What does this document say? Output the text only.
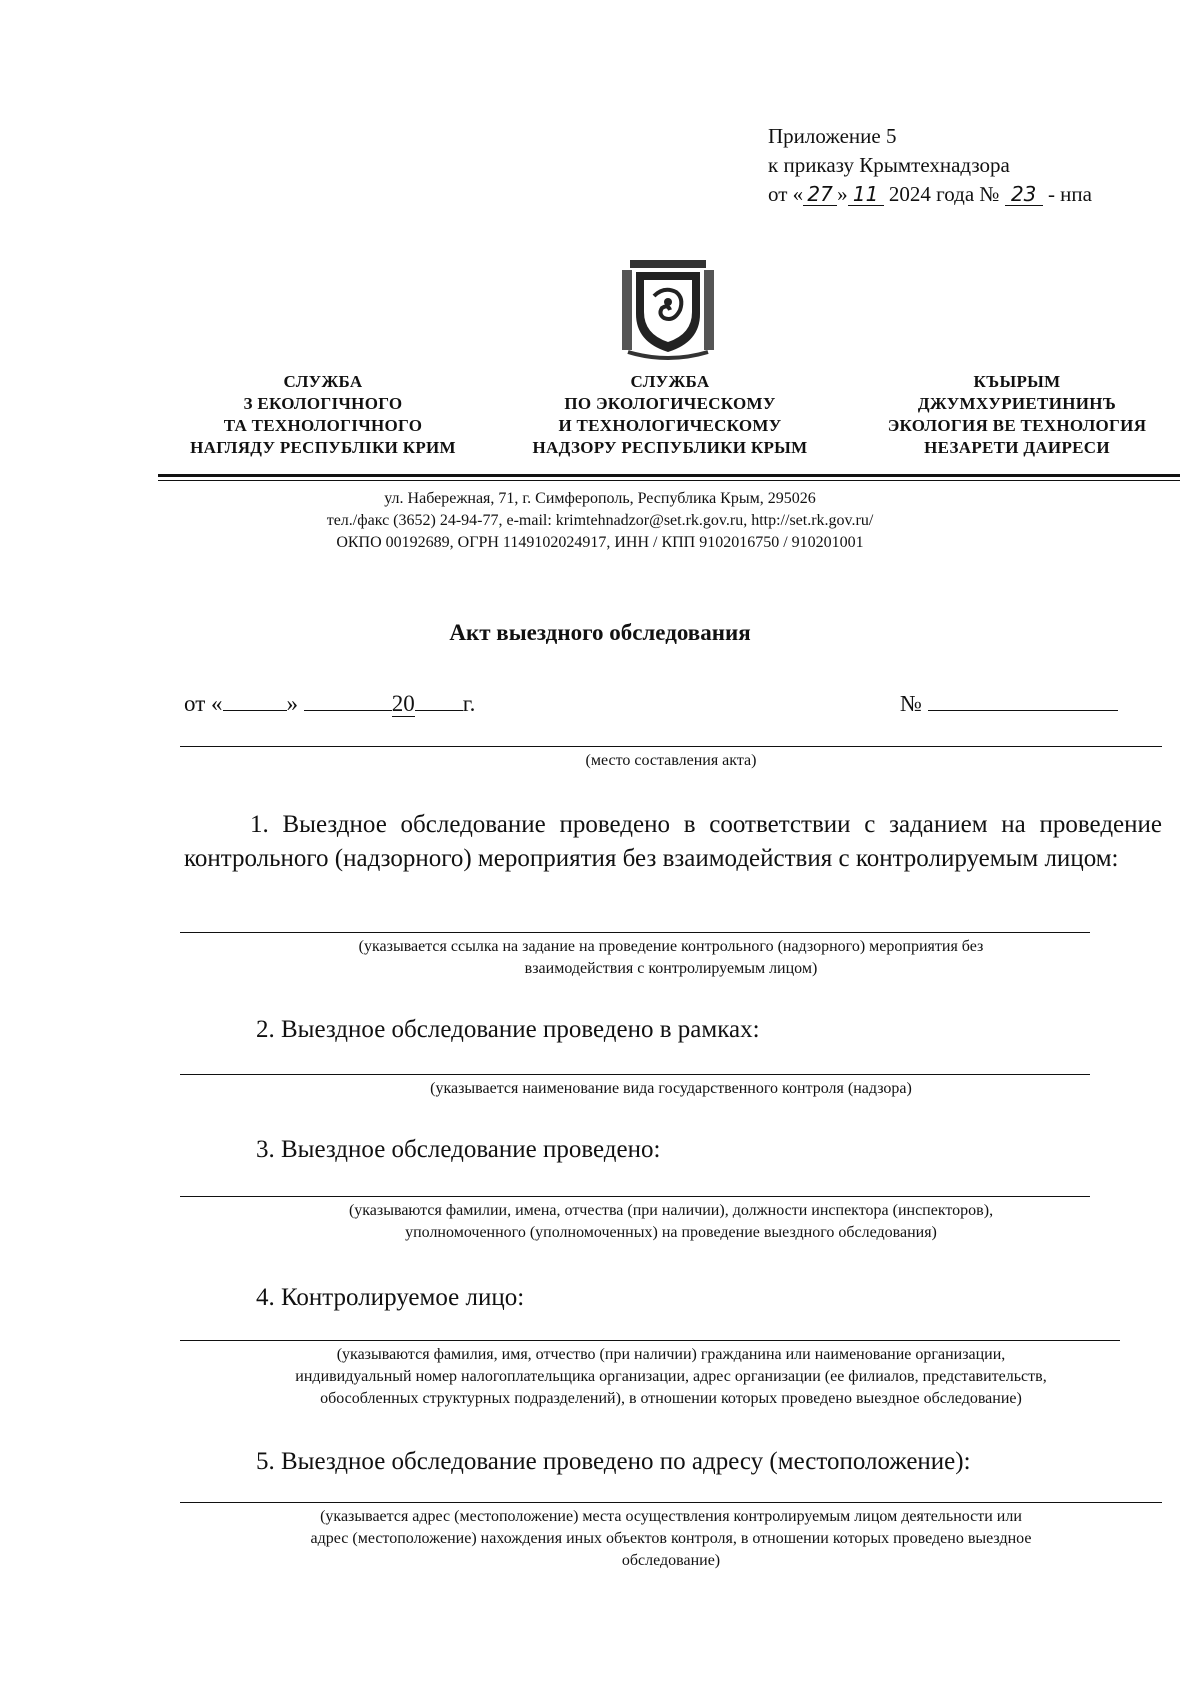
Приложение 5
к приказу Крымтехнадзора
от « 27 » 11 2024 года № 23 - нпа
СЛУЖБА
З ЕКОЛОГІЧНОГО
ТА ТЕХНОЛОГІЧНОГО
НАГЛЯДУ РЕСПУБЛІКИ КРИМ
СЛУЖБА
ПО ЭКОЛОГИЧЕСКОМУ
И ТЕХНОЛОГИЧЕСКОМУ
НАДЗОРУ РЕСПУБЛИКИ КРЫМ
КЪЫРЫМ
ДЖУМХУРИЕТИНИНЪ
ЭКОЛОГИЯ ВЕ ТЕХНОЛОГИЯ
НЕЗАРЕТИ ДАИРЕСИ
ул. Набережная, 71, г. Симферополь, Республика Крым, 295026
тел./факс (3652) 24-94-77, e-mail: krimtehnadzor@set.rk.gov.ru, http://set.rk.gov.ru/
ОКПО 00192689, ОГРН 1149102024917, ИНН / КПП 9102016750 / 910201001
Акт выездного обследования
от «	»	20 г.	№
(место составления акта)
1. Выездное обследование проведено в соответствии с заданием на проведение контрольного (надзорного) мероприятия без взаимодействия с контролируемым лицом:
(указывается ссылка на задание на проведение контрольного (надзорного) мероприятия без
взаимодействия с контролируемым лицом)
2. Выездное обследование проведено в рамках:
(указывается наименование вида государственного контроля (надзора)
3. Выездное обследование проведено:
(указываются фамилии, имена, отчества (при наличии), должности инспектора (инспекторов),
уполномоченного (уполномоченных) на проведение выездного обследования)
4. Контролируемое лицо:
(указываются фамилия, имя, отчество (при наличии) гражданина или наименование организации,
индивидуальный номер налогоплательщика организации, адрес организации (ее филиалов, представительств,
обособленных структурных подразделений), в отношении которых проведено выездное обследование)
5. Выездное обследование проведено по адресу (местоположение):
(указывается адрес (местоположение) места осуществления контролируемым лицом деятельности или
адрес (местоположение) нахождения иных объектов контроля, в отношении которых проведено выездное
обследование)
